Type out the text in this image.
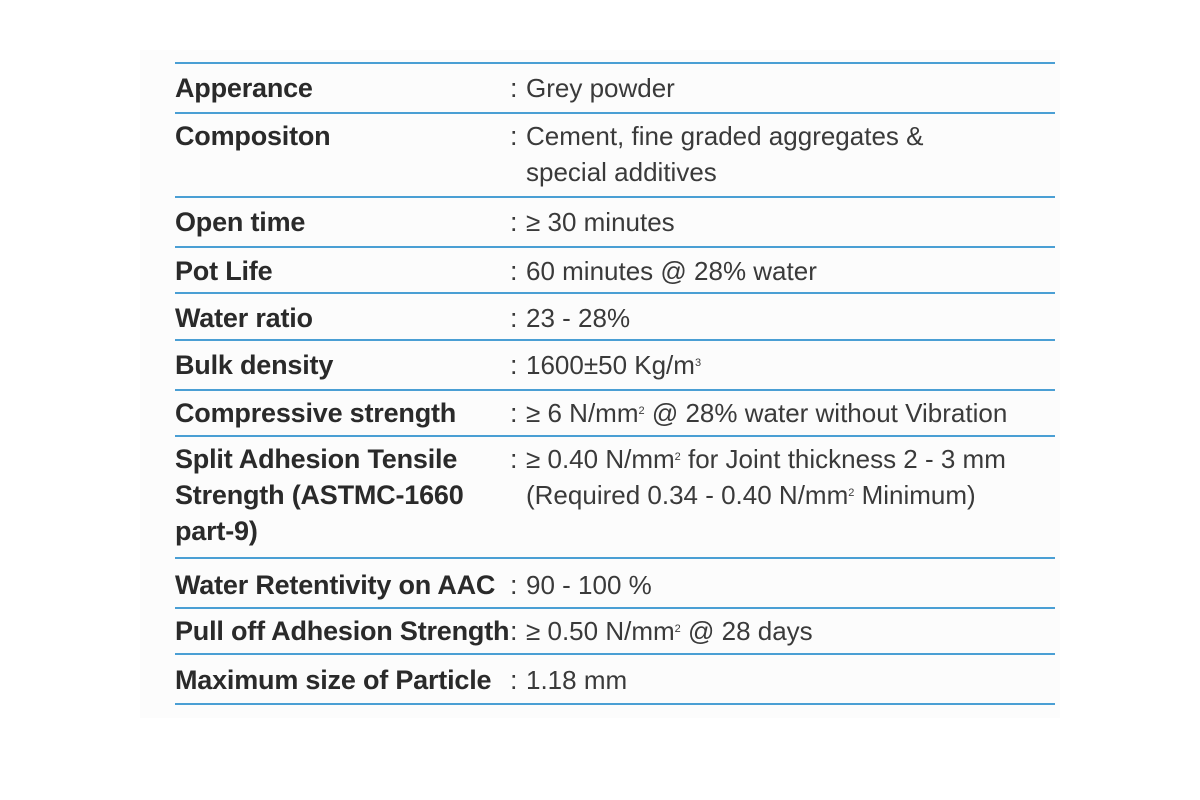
Apperance	: Grey powder
Compositon	: Cement, fine graded aggregates &
special additives
Open time	: ≥ 30 minutes
Pot Life	: 60 minutes @ 28% water
Water ratio	: 23 - 28%
Bulk density	: 1600±50 $Kg/m^3$
Compressive strength	: ≥ 6 $N/mm^2$ @ 28% water without Vibration
Split Adhesion Tensile
Strength (ASTMC-1660
part-9)
: ≥ 0.40 $N/mm^2$ for Joint thickness 2 - 3 mm
(Required 0.34 - 0.40 $N/mm^2$ Minimum)
Water Retentivity on AAC : 90 - 100 %
Pull off Adhesion Strength : ≥ 0.50 $N/mm^2$ @ 28 days
Maximum size of Particle : 1.18 mm
